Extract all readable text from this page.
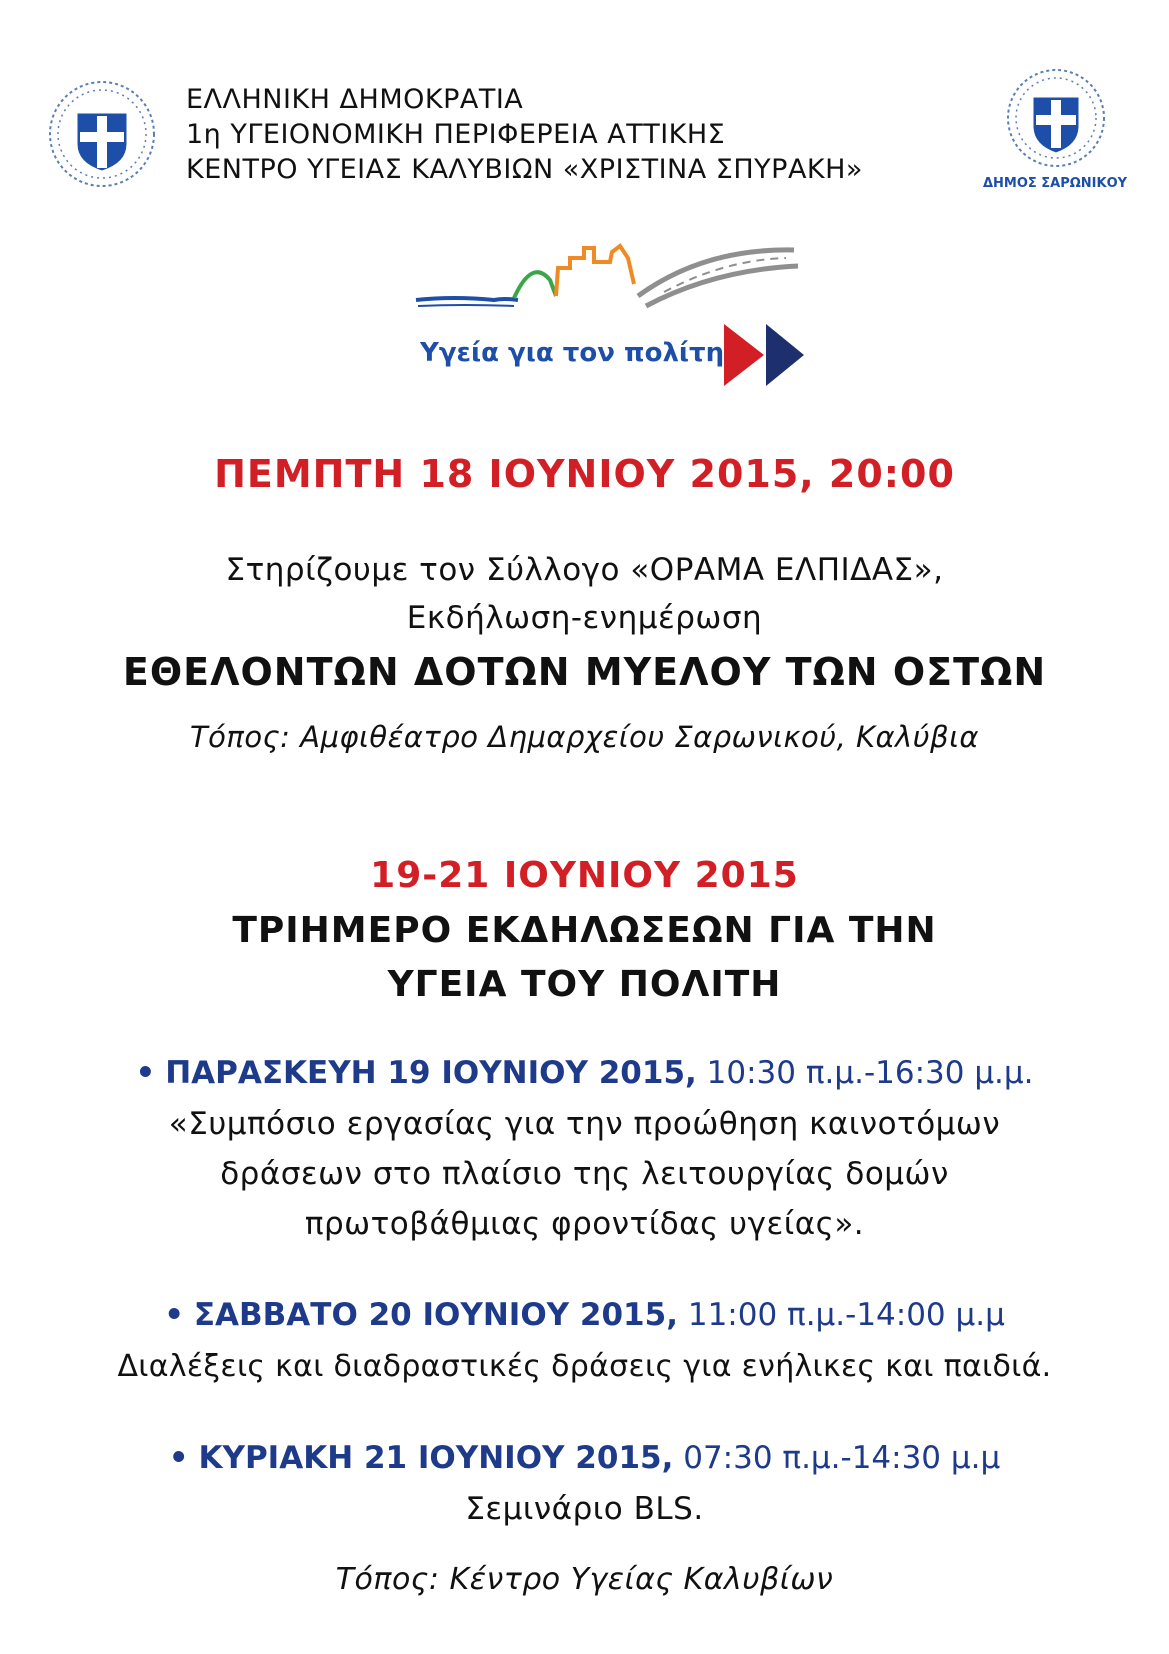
ΕΛΛΗΝΙΚΗ ΔΗΜΟΚΡΑΤΙΑ
1η ΥΓΕΙΟΝΟΜΙΚΗ ΠΕΡΙΦΕΡΕΙΑ ΑΤΤΙΚΗΣ
ΚΕΝΤΡΟ ΥΓΕΙΑΣ ΚΑΛΥΒΙΩΝ «ΧΡΙΣΤΙΝΑ ΣΠΥΡΑΚΗ»	ΔΗΜΟΣ ΣΑΡΩΝΙΚΟΥ
Υγεία για τον πολίτη
ΠΕΜΠΤΗ 18 ΙΟΥΝΙΟΥ 2015, 20:00
Στηρίζουμε τον Σύλλογο «ΟΡΑΜΑ ΕΛΠΙΔΑΣ»,
Εκδήλωση-ενημέρωση
ΕΘΕΛΟΝΤΩΝ ΔΟΤΩΝ ΜΥΕΛΟΥ ΤΩΝ ΟΣΤΩΝ
Τόπος: Αμφιθέατρο Δημαρχείου Σαρωνικού, Καλύβια
19-21 ΙΟΥΝΙΟΥ 2015
ΤΡΙΗΜΕΡΟ ΕΚΔΗΛΩΣΕΩΝ ΓΙΑ ΤΗΝ
ΥΓΕΙΑ ΤΟΥ ΠΟΛΙΤΗ
• ΠΑΡΑΣΚΕΥΗ 19 ΙΟΥΝΙΟΥ 2015, 10:30 π.μ.-16:30 μ.μ.
«Συμπόσιο εργασίας για την προώθηση καινοτόμων
δράσεων στο πλαίσιο της λειτουργίας δομών
πρωτοβάθμιας φροντίδας υγείας».
• ΣΑΒΒΑΤΟ 20 ΙΟΥΝΙΟΥ 2015, 11:00 π.μ.-14:00 μ.μ
Διαλέξεις και διαδραστικές δράσεις για ενήλικες και παιδιά.
• ΚΥΡΙΑΚΗ 21 ΙΟΥΝΙΟΥ 2015, 07:30 π.μ.-14:30 μ.μ
Σεμινάριο BLS.
Τόπος: Κέντρο Υγείας Καλυβίων
